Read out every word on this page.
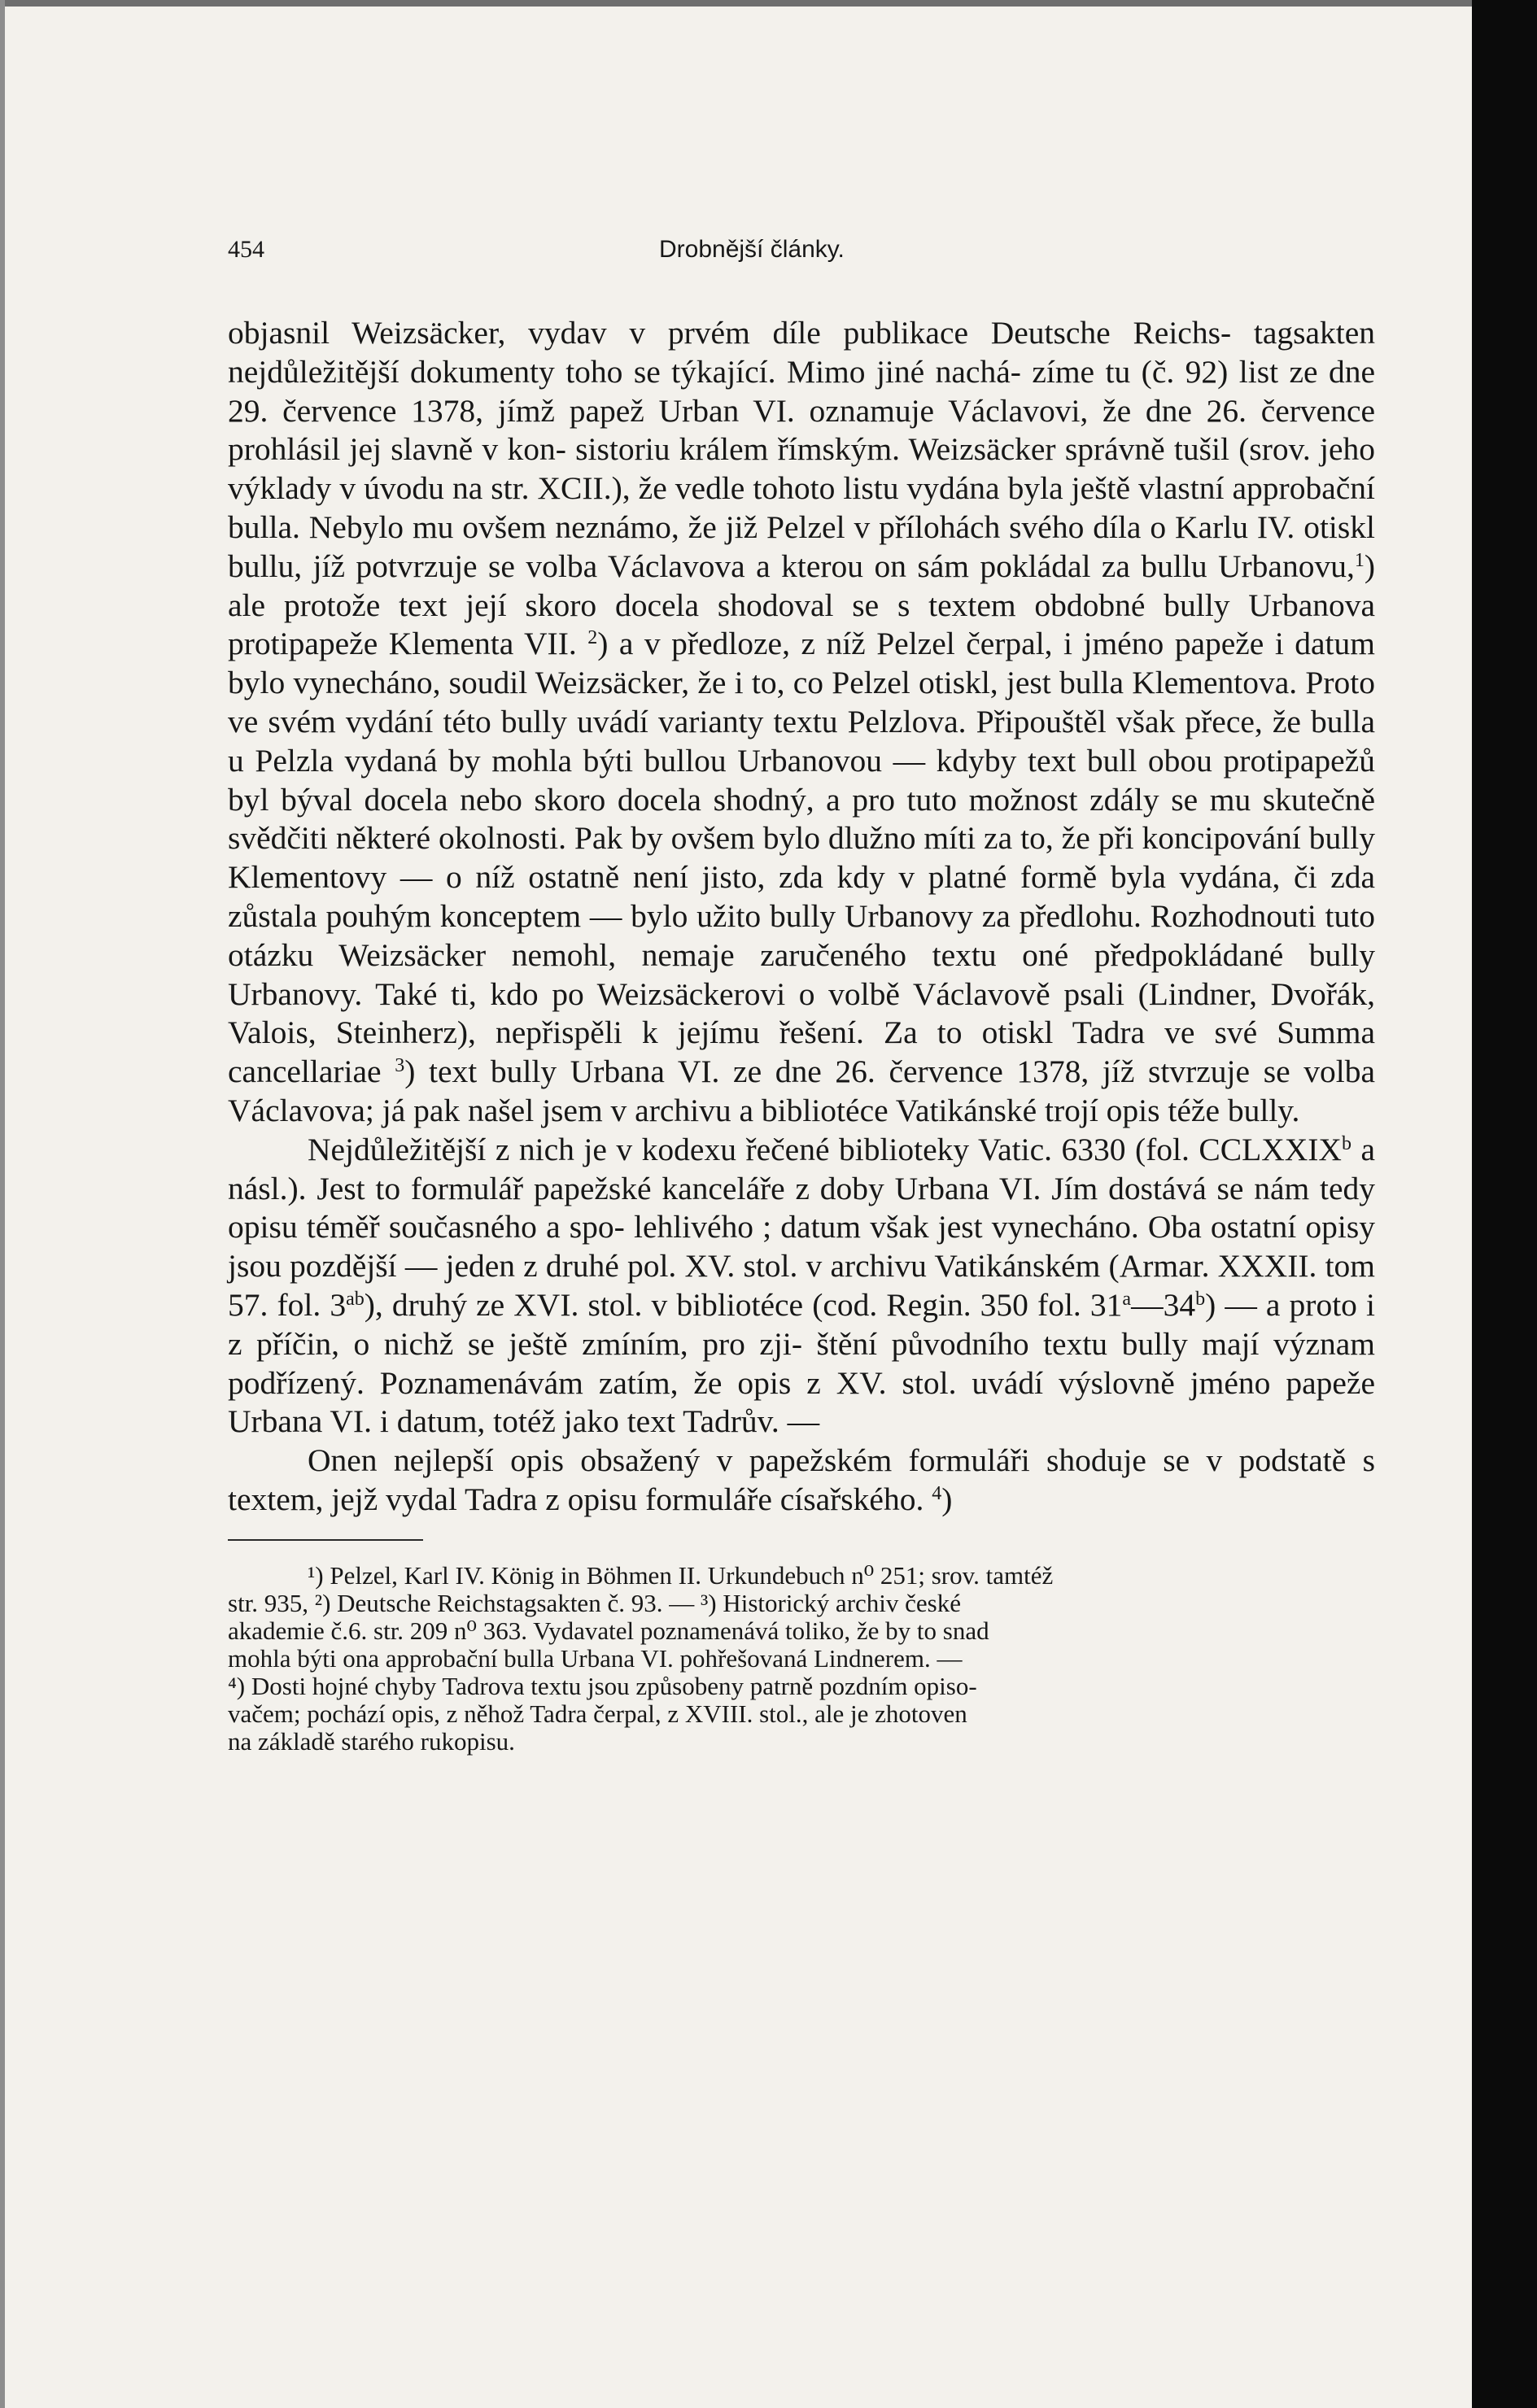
454	Drobnější články.

objasnil Weizsäcker, vydav v prvém díle publikace Deutsche Reichs- tagsakten nejdůležitější dokumenty toho se týkající. Mimo jiné nachá- zíme tu (č. 92) list ze dne 29. července 1378, jímž papež Urban VI. oznamuje Václavovi, že dne 26. července prohlásil jej slavně v kon- sistoriu králem římským. Weizsäcker správně tušil (srov. jeho výklady v úvodu na str. XCII.), že vedle tohoto listu vydána byla ještě vlastní approbační bulla. Nebylo mu ovšem neznámo, že již Pelzel v přílohách svého díla o Karlu IV. otiskl bullu, jíž potvrzuje se volba Václavova a kterou on sám pokládal za bullu Urbanovu,$^1$) ale protože text její skoro docela shodoval se s textem obdobné bully Urbanova protipapeže Klementa VII. $^2$) a v předloze, z níž Pelzel čerpal, i jméno papeže i datum bylo vynecháno, soudil Weizsäcker, že i to, co Pelzel otiskl, jest bulla Klementova. Proto ve svém vydání této bully uvádí varianty textu Pelzlova. Připouštěl však přece, že bulla u Pelzla vydaná by mohla býti bullou Urbanovou — kdyby text bull obou protipapežů byl býval docela nebo skoro docela shodný, a pro tuto možnost zdály se mu skutečně svědčiti některé okolnosti. Pak by ovšem bylo dlužno míti za to, že při koncipování bully Klementovy — o níž ostatně není jisto, zda kdy v platné formě byla vydána, či zda zůstala pouhým konceptem — bylo užito bully Urbanovy za předlohu. Rozhodnouti tuto otázku Weizsäcker nemohl, nemaje zaručeného textu oné předpokládané bully Urbanovy. Také ti, kdo po Weizsäckerovi o volbě Václavově psali (Lindner, Dvořák, Valois, Steinherz), nepřispěli k jejímu řešení. Za to otiskl Tadra ve své Summa cancellariae $^3$) text bully Urbana VI. ze dne 26. července 1378, jíž stvrzuje se volba Václavova; já pak našel jsem v archivu a bibliotéce Vatikánské trojí opis téže bully.

Nejdůležitější z nich je v kodexu řečené biblioteky Vatic. 6330 (fol. CCLXXIX$^b$ a násl.). Jest to formulář papežské kanceláře z doby Urbana VI. Jím dostává se nám tedy opisu téměř současného a spo- lehlivého ; datum však jest vynecháno. Oba ostatní opisy jsou pozdější — jeden z druhé pol. XV. stol. v archivu Vatikánském (Armar. XXXII. tom 57. fol. $3^{ab}$), druhý ze XVI. stol. v bibliotéce (cod. Regin. 350 fol. 31$^a$—34$^b$) — a proto i z příčin, o nichž se ještě zmíním, pro zji- štění původního textu bully mají význam podřízený. Poznamenávám zatím, že opis z XV. stol. uvádí výslovně jméno papeže Urbana VI. i datum, totéž jako text Tadrův. —

Onen nejlepší opis obsažený v papežském formuláři shoduje se v podstatě s textem, jejž vydal Tadra z opisu formuláře císařského. $^4$)

¹) Pelzel, Karl IV. König in Böhmen II. Urkundebuch n⁰ 251; srov. tamtéž
str. 935, ²) Deutsche Reichstagsakten č. 93. — ³) Historický archiv české
akademie č.6. str. 209 n⁰ 363. Vydavatel poznamenává toliko, že by to snad
mohla býti ona approbační bulla Urbana VI. pohřešovaná Lindnerem. —
⁴) Dosti hojné chyby Tadrova textu jsou způsobeny patrně pozdním opiso-
vačem; pochází opis, z něhož Tadra čerpal, z XVIII. stol., ale je zhotoven
na základě starého rukopisu.
